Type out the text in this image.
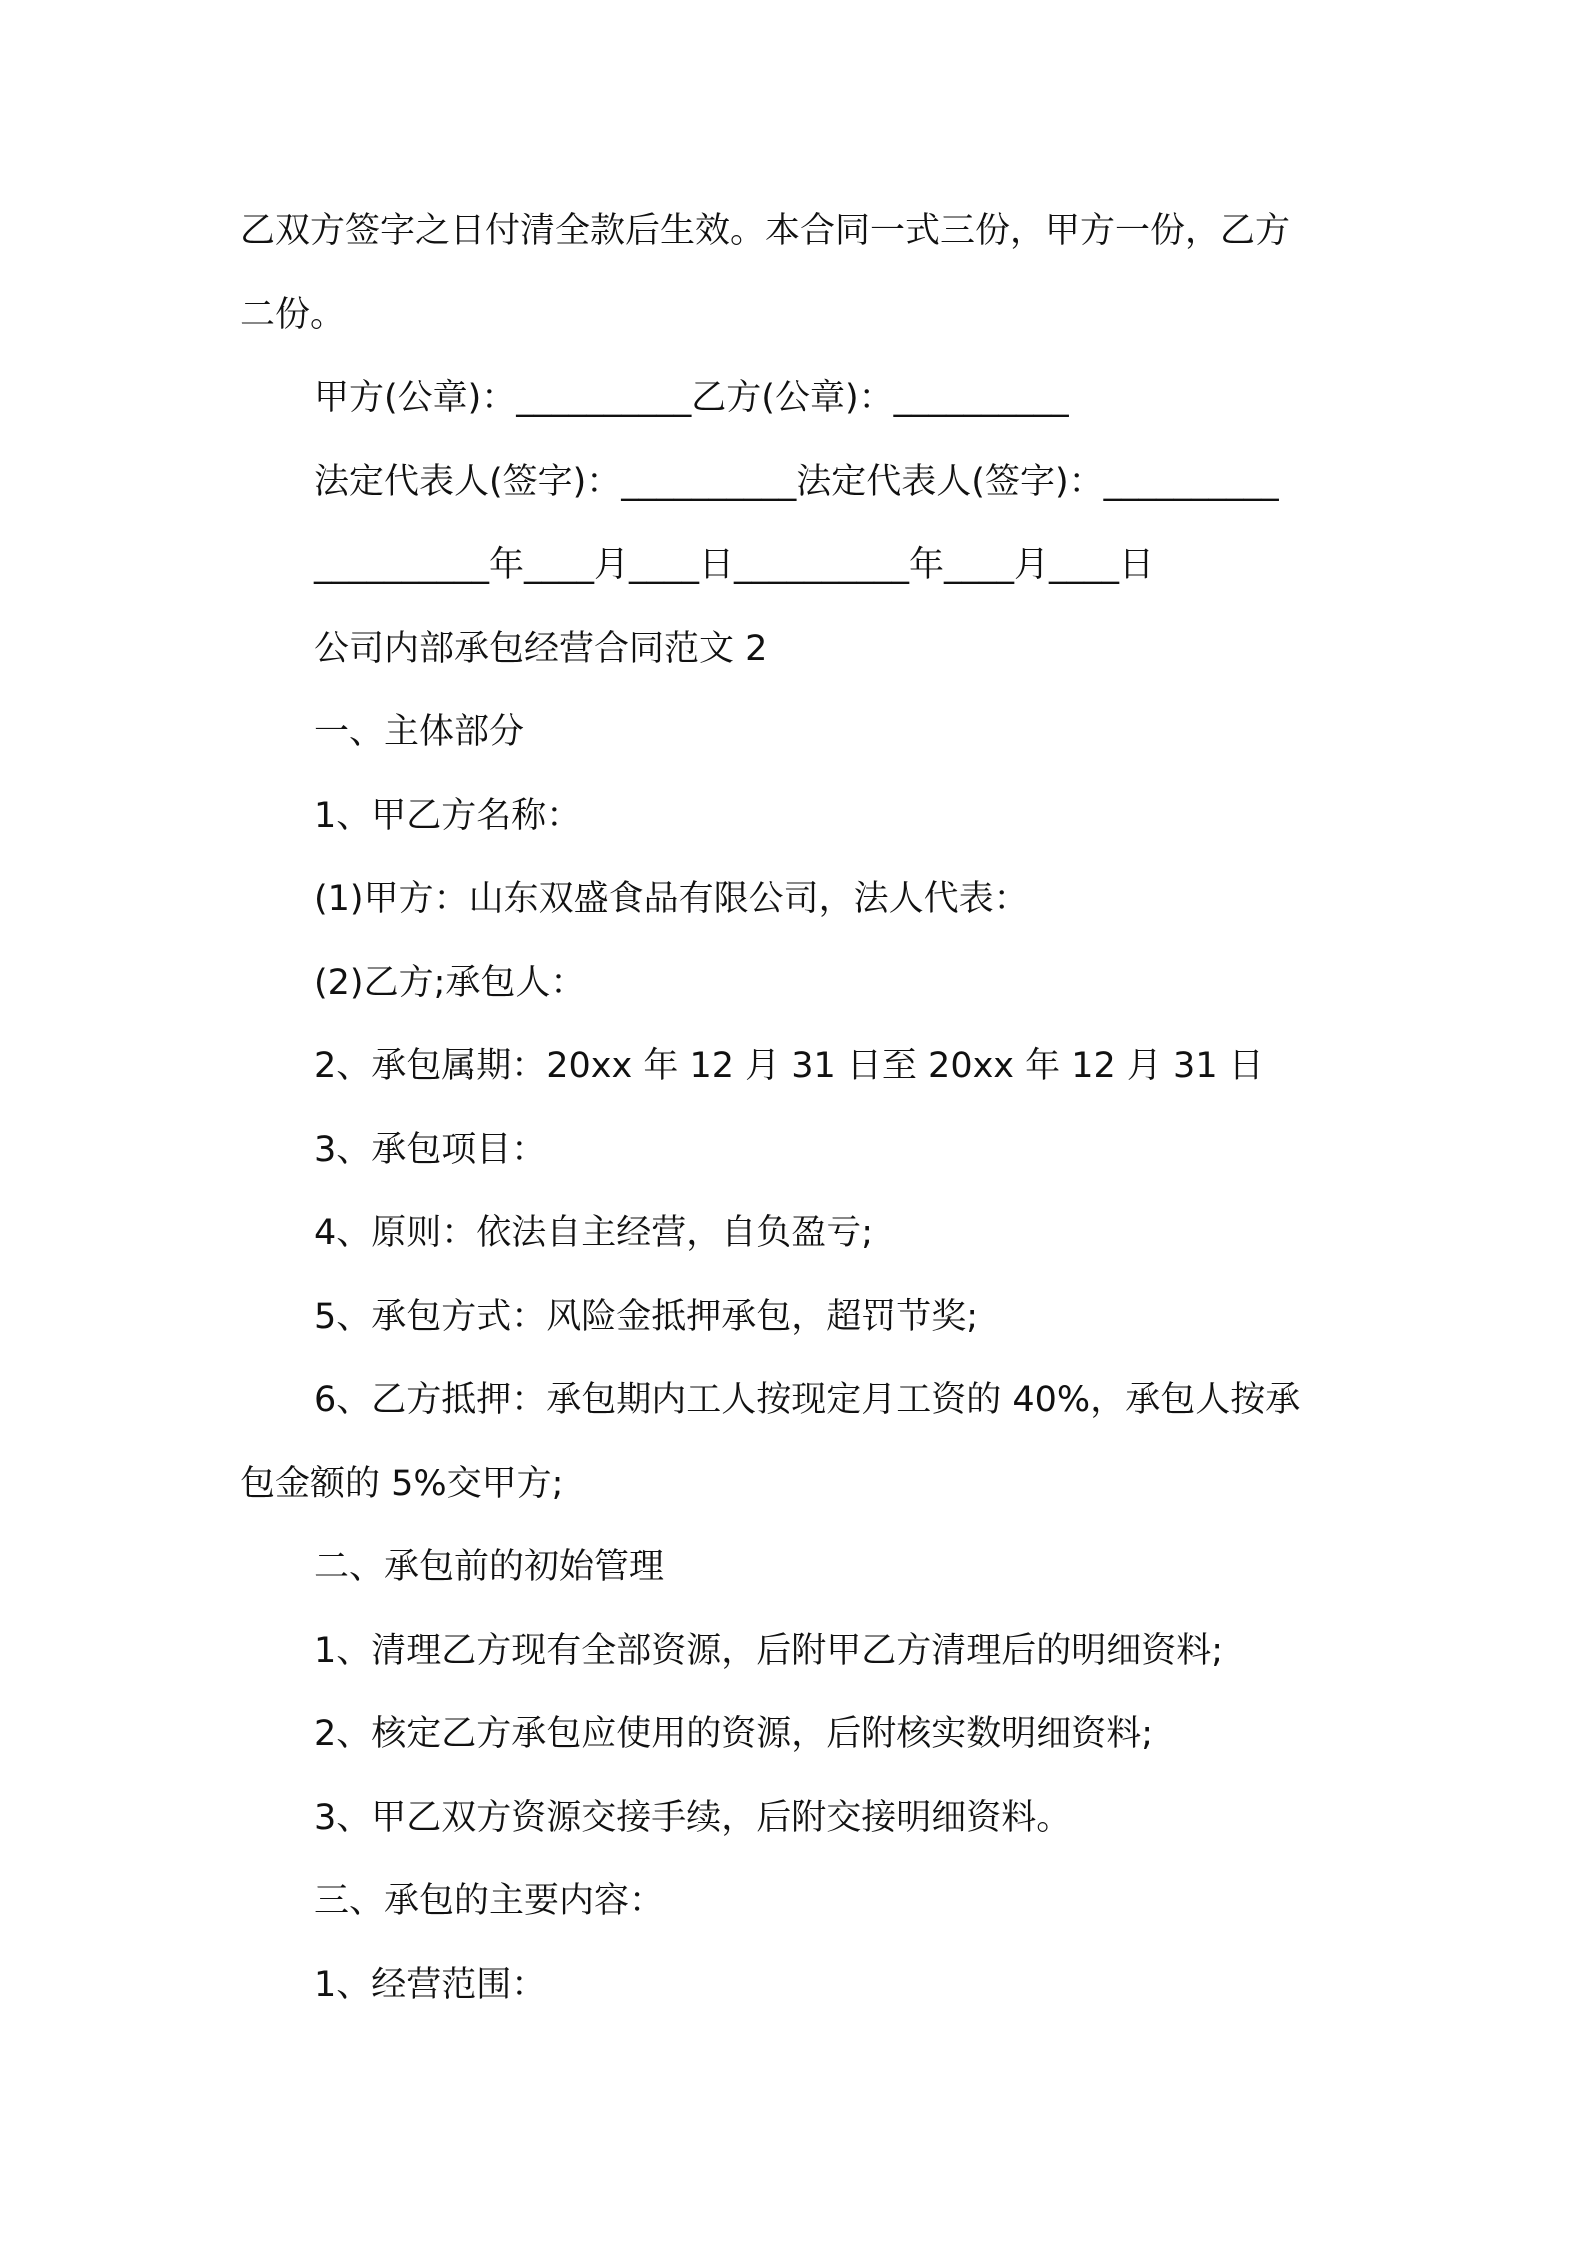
乙双方签字之日付清全款后生效。本合同一式三份，甲方一份，乙方
二份。
甲方(公章)：__________乙方(公章)：__________
法定代表人(签字)：__________法定代表人(签字)：__________
__________年____月____日__________年____月____日
公司内部承包经营合同范文 2
一、主体部分
1、甲乙方名称：
(1)甲方：山东双盛食品有限公司，法人代表：
(2)乙方;承包人：
2、承包属期：20xx 年 12 月 31 日至 20xx 年 12 月 31 日
3、承包项目：
4、原则：依法自主经营，自负盈亏;
5、承包方式：风险金抵押承包，超罚节奖;
6、乙方抵押：承包期内工人按现定月工资的 40%，承包人按承
包金额的 5%交甲方;
二、承包前的初始管理
1、清理乙方现有全部资源，后附甲乙方清理后的明细资料;
2、核定乙方承包应使用的资源，后附核实数明细资料;
3、甲乙双方资源交接手续，后附交接明细资料。
三、承包的主要内容：
1、经营范围：
